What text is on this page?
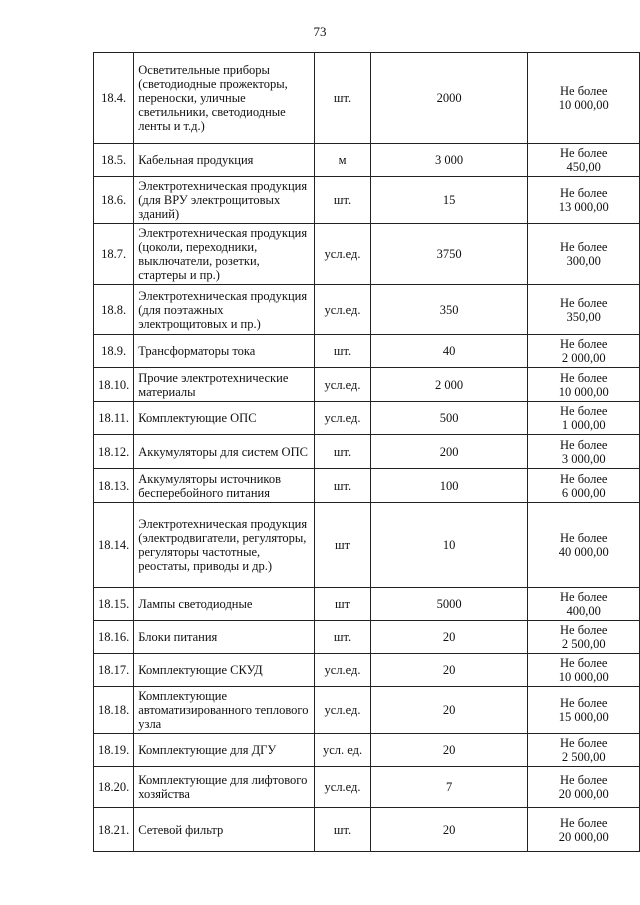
73
18.4.	Осветительные приборы (светодиодные прожекторы, переноски, уличные светильники, светодиодные ленты и т.д.)	шт.	2000	Не более
10 000,00

18.5.	Кабельная продукция	м	3 000	Не более
450,00

18.6.	Электротехническая продукция (для ВРУ электрощитовых зданий)	шт.	15	Не более
13 000,00

18.7.	Электротехническая продукция (цоколи, переходники, выключатели, розетки, стартеры и пр.)	усл.ед.	3750	Не более
300,00

18.8.	Электротехническая продукция (для поэтажных электрощитовых и пр.)	усл.ед.	350	Не более
350,00

18.9.	Трансформаторы тока	шт.	40	Не более
2 000,00

18.10.	Прочие электротехнические материалы	усл.ед.	2 000	Не более
10 000,00

18.11.	Комплектующие ОПС	усл.ед.	500	Не более
1 000,00

18.12.	Аккумуляторы для систем ОПС	шт.	200	Не более
3 000,00

18.13.	Аккумуляторы источников бесперебойного питания	шт.	100	Не более
6 000,00

18.14.	Электротехническая продукция (электродвигатели, регуляторы, регуляторы частотные, реостаты, приводы и др.)	шт	10	Не более
40 000,00

18.15.	Лампы светодиодные	шт	5000	Не более
400,00

18.16.	Блоки питания	шт.	20	Не более
2 500,00

18.17.	Комплектующие СКУД	усл.ед.	20	Не более
10 000,00

18.18.	Комплектующие автоматизированного теплового узла	усл.ед.	20	Не более
15 000,00

18.19.	Комплектующие для ДГУ	усл. ед.	20	Не более
2 500,00

18.20.	Комплектующие для лифтового хозяйства	усл.ед.	7	Не более
20 000,00

18.21.	Сетевой фильтр	шт.	20	Не более
20 000,00
